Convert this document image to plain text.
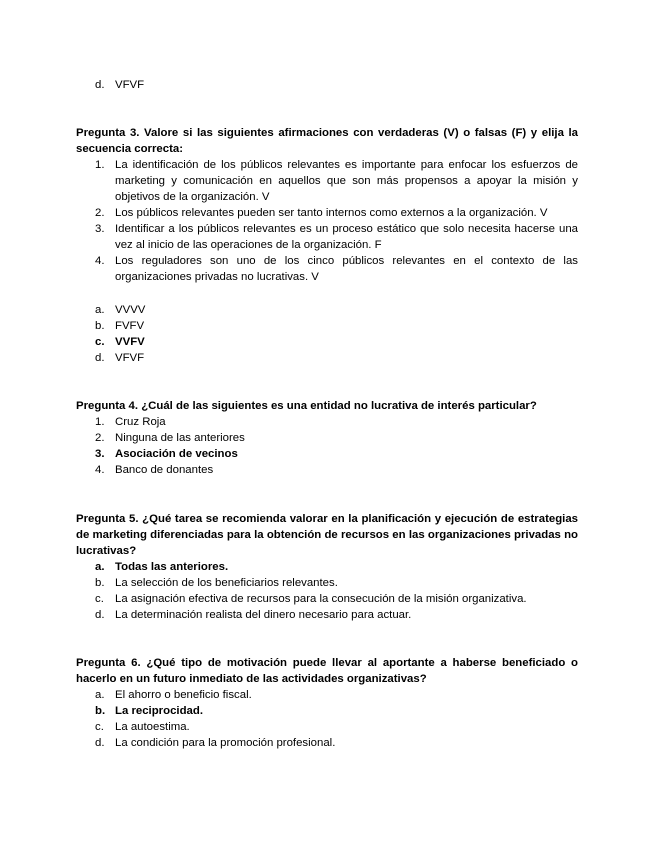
d. VFVF
Pregunta 3. Valore si las siguientes afirmaciones con verdaderas (V) o falsas (F) y elija la secuencia correcta:
1. La identificación de los públicos relevantes es importante para enfocar los esfuerzos de marketing y comunicación en aquellos que son más propensos a apoyar la misión y objetivos de la organización. V
2. Los públicos relevantes pueden ser tanto internos como externos a la organización. V
3. Identificar a los públicos relevantes es un proceso estático que solo necesita hacerse una vez al inicio de las operaciones de la organización. F
4. Los reguladores son uno de los cinco públicos relevantes en el contexto de las organizaciones privadas no lucrativas. V
a. VVVV
b. FVFV
c. VVFV
d. VFVF
Pregunta 4. ¿Cuál de las siguientes es una entidad no lucrativa de interés particular?
1. Cruz Roja
2. Ninguna de las anteriores
3. Asociación de vecinos
4. Banco de donantes
Pregunta 5. ¿Qué tarea se recomienda valorar en la planificación y ejecución de estrategias de marketing diferenciadas para la obtención de recursos en las organizaciones privadas no lucrativas?
a. Todas las anteriores.
b. La selección de los beneficiarios relevantes.
c. La asignación efectiva de recursos para la consecución de la misión organizativa.
d. La determinación realista del dinero necesario para actuar.
Pregunta 6. ¿Qué tipo de motivación puede llevar al aportante a haberse beneficiado o hacerlo en un futuro inmediato de las actividades organizativas?
a. El ahorro o beneficio fiscal.
b. La reciprocidad.
c. La autoestima.
d. La condición para la promoción profesional.
